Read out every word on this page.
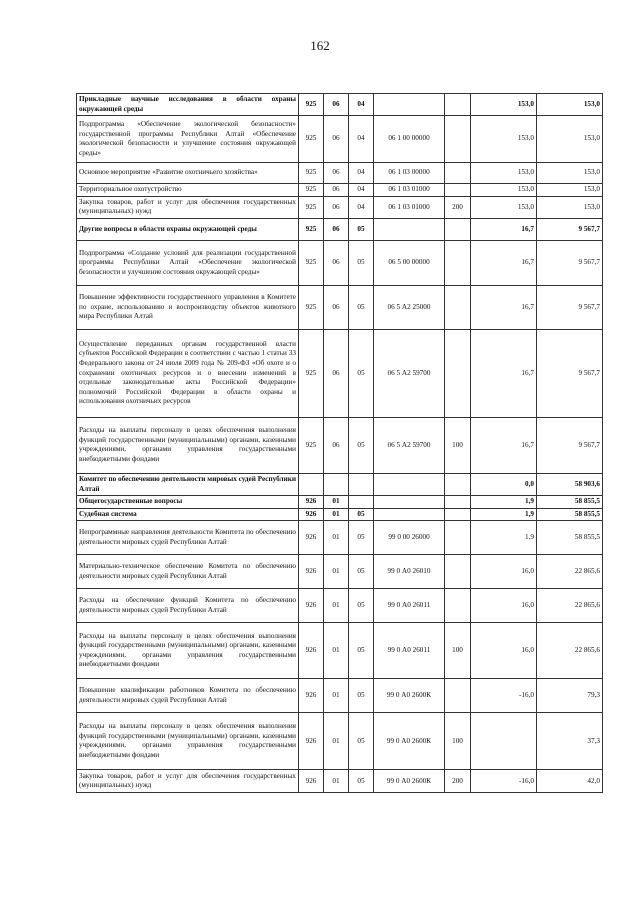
162
Прикладные научные исследования в области охраны окружающей среды	925	06	04			153,0	153,0
Подпрограмма «Обеспечение экологической безопасности» государственной программы Республики Алтай «Обеспечение экологической безопасности и улучшение состояния окружающей среды»	925	06	04	06 1 00 00000		153,0	153,0
Основное мероприятие «Развитие охотничьего хозяйства»	925	06	04	06 1 03 00000		153,0	153,0
Территориальное охотустройство	925	06	04	06 1 03 01000		153,0	153,0
Закупка товаров, работ и услуг для обеспечения государственных (муниципальных) нужд	925	06	04	06 1 03 01000	200	153,0	153,0
Другие вопросы в области охраны окружающей среды	925	06	05			16,7	9 567,7
Подпрограмма «Создание условий для реализации государственной программы Республики Алтай «Обеспечение экологической безопасности и улучшение состояния окружающей среды»	925	06	05	06 5 00 00000		16,7	9 567,7
Повышение эффективности государственного управления в Комитете по охране, использованию и воспроизводству объектов животного мира Республики Алтай	925	06	05	06 5 А2 25000		16,7	9 567,7
Осуществление переданных органам государственной власти субъектов Российской Федерации в соответствии с частью 1 статьи 33 Федерального закона от 24 июля 2009 года № 209-ФЗ «Об охоте и о сохранении охотничьих ресурсов и о внесении изменений в отдельные законодательные акты Российской Федерации» полномочий Российской Федерации в области охраны и использования охотничьих ресурсов	925	06	05	06 5 А2 59700		16,7	9 567,7
Расходы на выплаты персоналу в целях обеспечения выполнения функций государственными (муниципальными) органами, казенными учреждениями, органами управления государственными внебюджетными фондами	925	06	05	06 5 А2 59700	100	16,7	9 567,7
Комитет по обеспечению деятельности мировых судей Республики Алтай						0,0	58 903,6
Общегосударственные вопросы	926	01				1,9	58 855,5
Судебная система	926	01	05			1,9	58 855,5
Непрограммные направления деятельности Комитета по обеспечению деятельности мировых судей Республики Алтай	926	01	05	99 0 00 26000		1,9	58 855,5
Материально-техническое обеспечение Комитета по обеспечению деятельности мировых судей Республики Алтай	926	01	05	99 0 А0 26010		16,0	22 865,6
Расходы на обеспечение функций Комитета по обеспечению деятельности мировых судей Республики Алтай	926	01	05	99 0 А0 26011		16,0	22 865,6
Расходы на выплаты персоналу в целях обеспечения выполнения функций государственными (муниципальными) органами, казенными учреждениями, органами управления государственными внебюджетными фондами	926	01	05	99 0 А0 26011	100	16,0	22 865,6
Повышение квалификации работников Комитета по обеспечению деятельности мировых судей Республики Алтай	926	01	05	99 0 А0 2600К		-16,0	79,3
Расходы на выплаты персоналу в целях обеспечения выполнения функций государственными (муниципальными) органами, казенными учреждениями, органами управления государственными внебюджетными фондами	926	01	05	99 0 А0 2600К	100		37,3
Закупка товаров, работ и услуг для обеспечения государственных (муниципальных) нужд	926	01	05	99 0 А0 2600К	200	-16,0	42,0
